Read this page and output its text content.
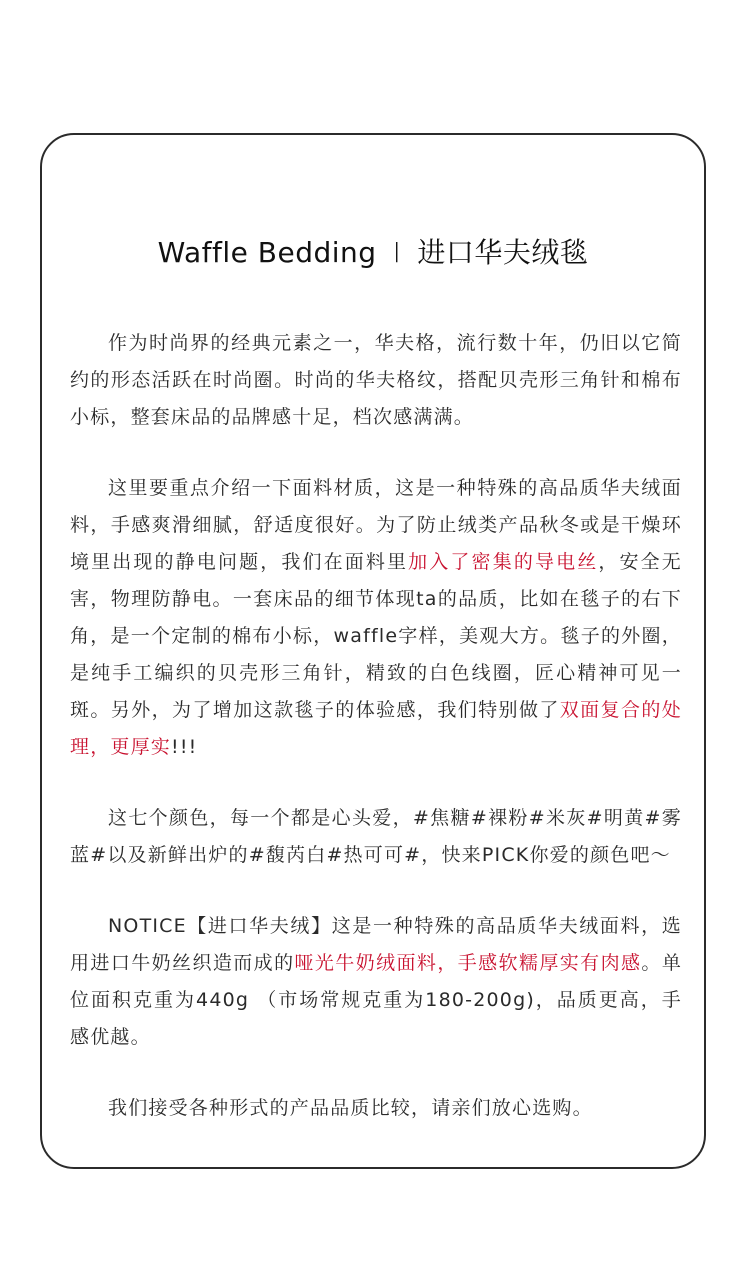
Waffle Bedding I 进口华夫绒毯

作为时尚界的经典元素之一，华夫格，流行数十年，仍旧以它简约的形态活跃在时尚圈。时尚的华夫格纹，搭配贝壳形三角针和棉布小标，整套床品的品牌感十足，档次感满满。

这里要重点介绍一下面料材质，这是一种特殊的高品质华夫绒面料，手感爽滑细腻，舒适度很好。为了防止绒类产品秋冬或是干燥环境里出现的静电问题，我们在面料里加入了密集的导电丝，安全无害，物理防静电。一套床品的细节体现ta的品质，比如在毯子的右下角，是一个定制的棉布小标，waffle字样，美观大方。毯子的外圈，是纯手工编织的贝壳形三角针，精致的白色线圈，匠心精神可见一斑。另外，为了增加这款毯子的体验感，我们特别做了双面复合的处理，更厚实!!!

这七个颜色，每一个都是心头爱，#焦糖#裸粉#米灰#明黄#雾蓝#以及新鲜出炉的#馥芮白#热可可#，快来PICK你爱的颜色吧～

NOTICE【进口华夫绒】这是一种特殊的高品质华夫绒面料，选用进口牛奶丝织造而成的哑光牛奶绒面料，手感软糯厚实有肉感。单位面积克重为440g （市场常规克重为180-200g)，品质更高，手感优越。

我们接受各种形式的产品品质比较，请亲们放心选购。
